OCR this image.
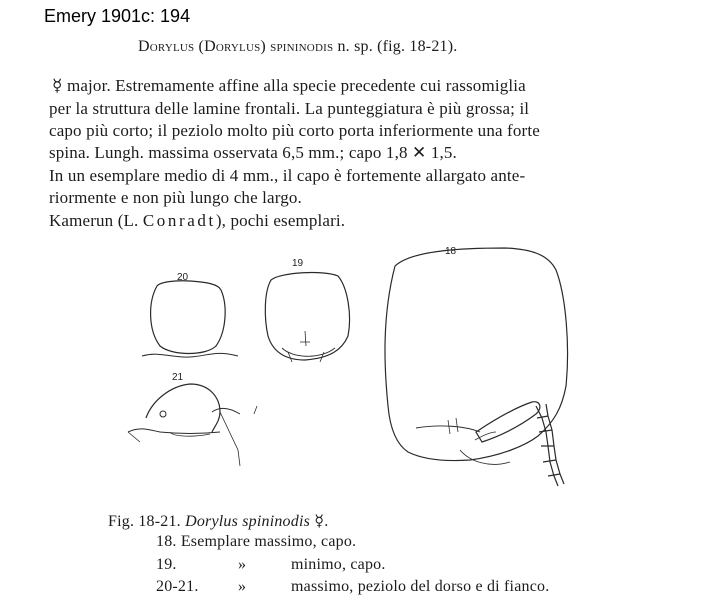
Emery 1901c: 194
Dorylus (Dorylus) spininodis n. sp. (fig. 18-21).
☿ major. Estremamente affine alla specie precedente cui rassomiglia
per la struttura delle lamine frontali. La punteggiatura è più grossa; il
capo più corto; il peziolo molto più corto porta inferiormente una forte
spina. Lungh. massima osservata 6,5 mm.; capo 1,8 ✕ 1,5.
In un esemplare medio di 4 mm., il capo è fortemente allargato ante-
riormente e non più lungo che largo.
Kamerun (L. Conradt), pochi esemplari.
20
21
19
18
Fig. 18-21. Dorylus spininodis ☿.
18. Esemplare massimo, capo.
19.	»	minimo, capo.
20-21. »	massimo, peziolo del dorso e di fianco.
